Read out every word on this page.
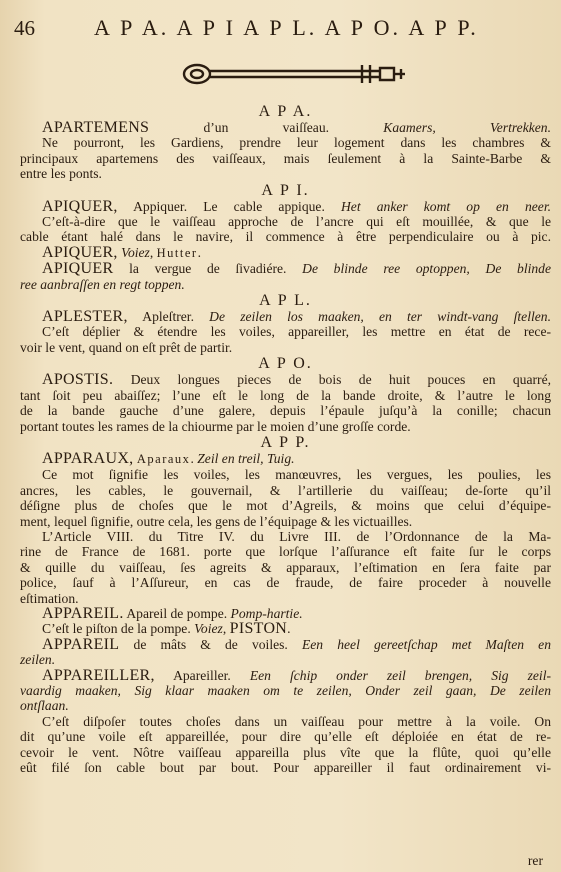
46	A P A. A P I A P L. A P O. A P P.
A P A.
APARTEMENS d’un vaiſſeau. Kaamers, Vertrekken.
Ne pourront, les Gardiens, prendre leur logement dans les chambres &
principaux apartemens des vaiſſeaux, mais ſeulement à la Sainte-Barbe &
entre les ponts.
A P I.
APIQUER, Appiquer. Le cable appique. Het anker komt op en neer.
C’eſt-à-dire que le vaiſſeau approche de l’ancre qui eſt mouillée, & que le
cable étant halé dans le navire, il commence à être perpendiculaire ou à pic.
APIQUER, Voiez, Hutter.
APIQUER la vergue de ſivadiére. De blinde ree optoppen, De blinde
ree aanbraſſen en regt toppen.
A P L.
APLESTER, Apleſtrer. De zeilen los maaken, en ter windt-vang ſtellen.
C’eſt déplier & étendre les voiles, appareiller, les mettre en état de rece-
voir le vent, quand on eſt prêt de partir.
A P O.
APOSTIS. Deux longues pieces de bois de huit pouces en quarré,
tant ſoit peu abaiſſez; l’une eſt le long de la bande droite, & l’autre le long
de la bande gauche d’une galere, depuis l’épaule juſqu’à la conille; chacun
portant toutes les rames de la chiourme par le moien d’une groſſe corde.
A P P.
APPARAUX, Aparaux. Zeil en treil, Tuig.
Ce mot ſignifie les voiles, les manœuvres, les vergues, les poulies, les
ancres, les cables, le gouvernail, & l’artillerie du vaiſſeau; de-ſorte qu’il
déſigne plus de choſes que le mot d’Agreils, & moins que celui d’équipe-
ment, lequel ſignifie, outre cela, les gens de l’équipage & les victuailles.
L’Article VIII. du Titre IV. du Livre III. de l’Ordonnance de la Ma-
rine de France de 1681. porte que lorſque l’aſſurance eſt faite ſur le corps
& quille du vaiſſeau, ſes agreits & apparaux, l’eſtimation en ſera faite par
police, ſauf à l’Aſſureur, en cas de fraude, de faire proceder à nouvelle
eſtimation.
APPAREIL. Apareil de pompe. Pomp-hartie.
C’eſt le piſton de la pompe. Voiez, PISTON.
APPAREIL de mâts & de voiles. Een heel gereetſchap met Maſten en
zeilen.
APPAREILLER, Apareiller. Een ſchip onder zeil brengen, Sig zeil-
vaardig maaken, Sig klaar maaken om te zeilen, Onder zeil gaan, De zeilen
ontſlaan.
C’eſt diſpoſer toutes choſes dans un vaiſſeau pour mettre à la voile. On
dit qu’une voile eſt appareillée, pour dire qu’elle eſt déploiée en état de re-
cevoir le vent. Nôtre vaiſſeau appareilla plus vîte que la flûte, quoi qu’elle
eût filé ſon cable bout par bout. Pour appareiller il faut ordinairement vi-
rer
